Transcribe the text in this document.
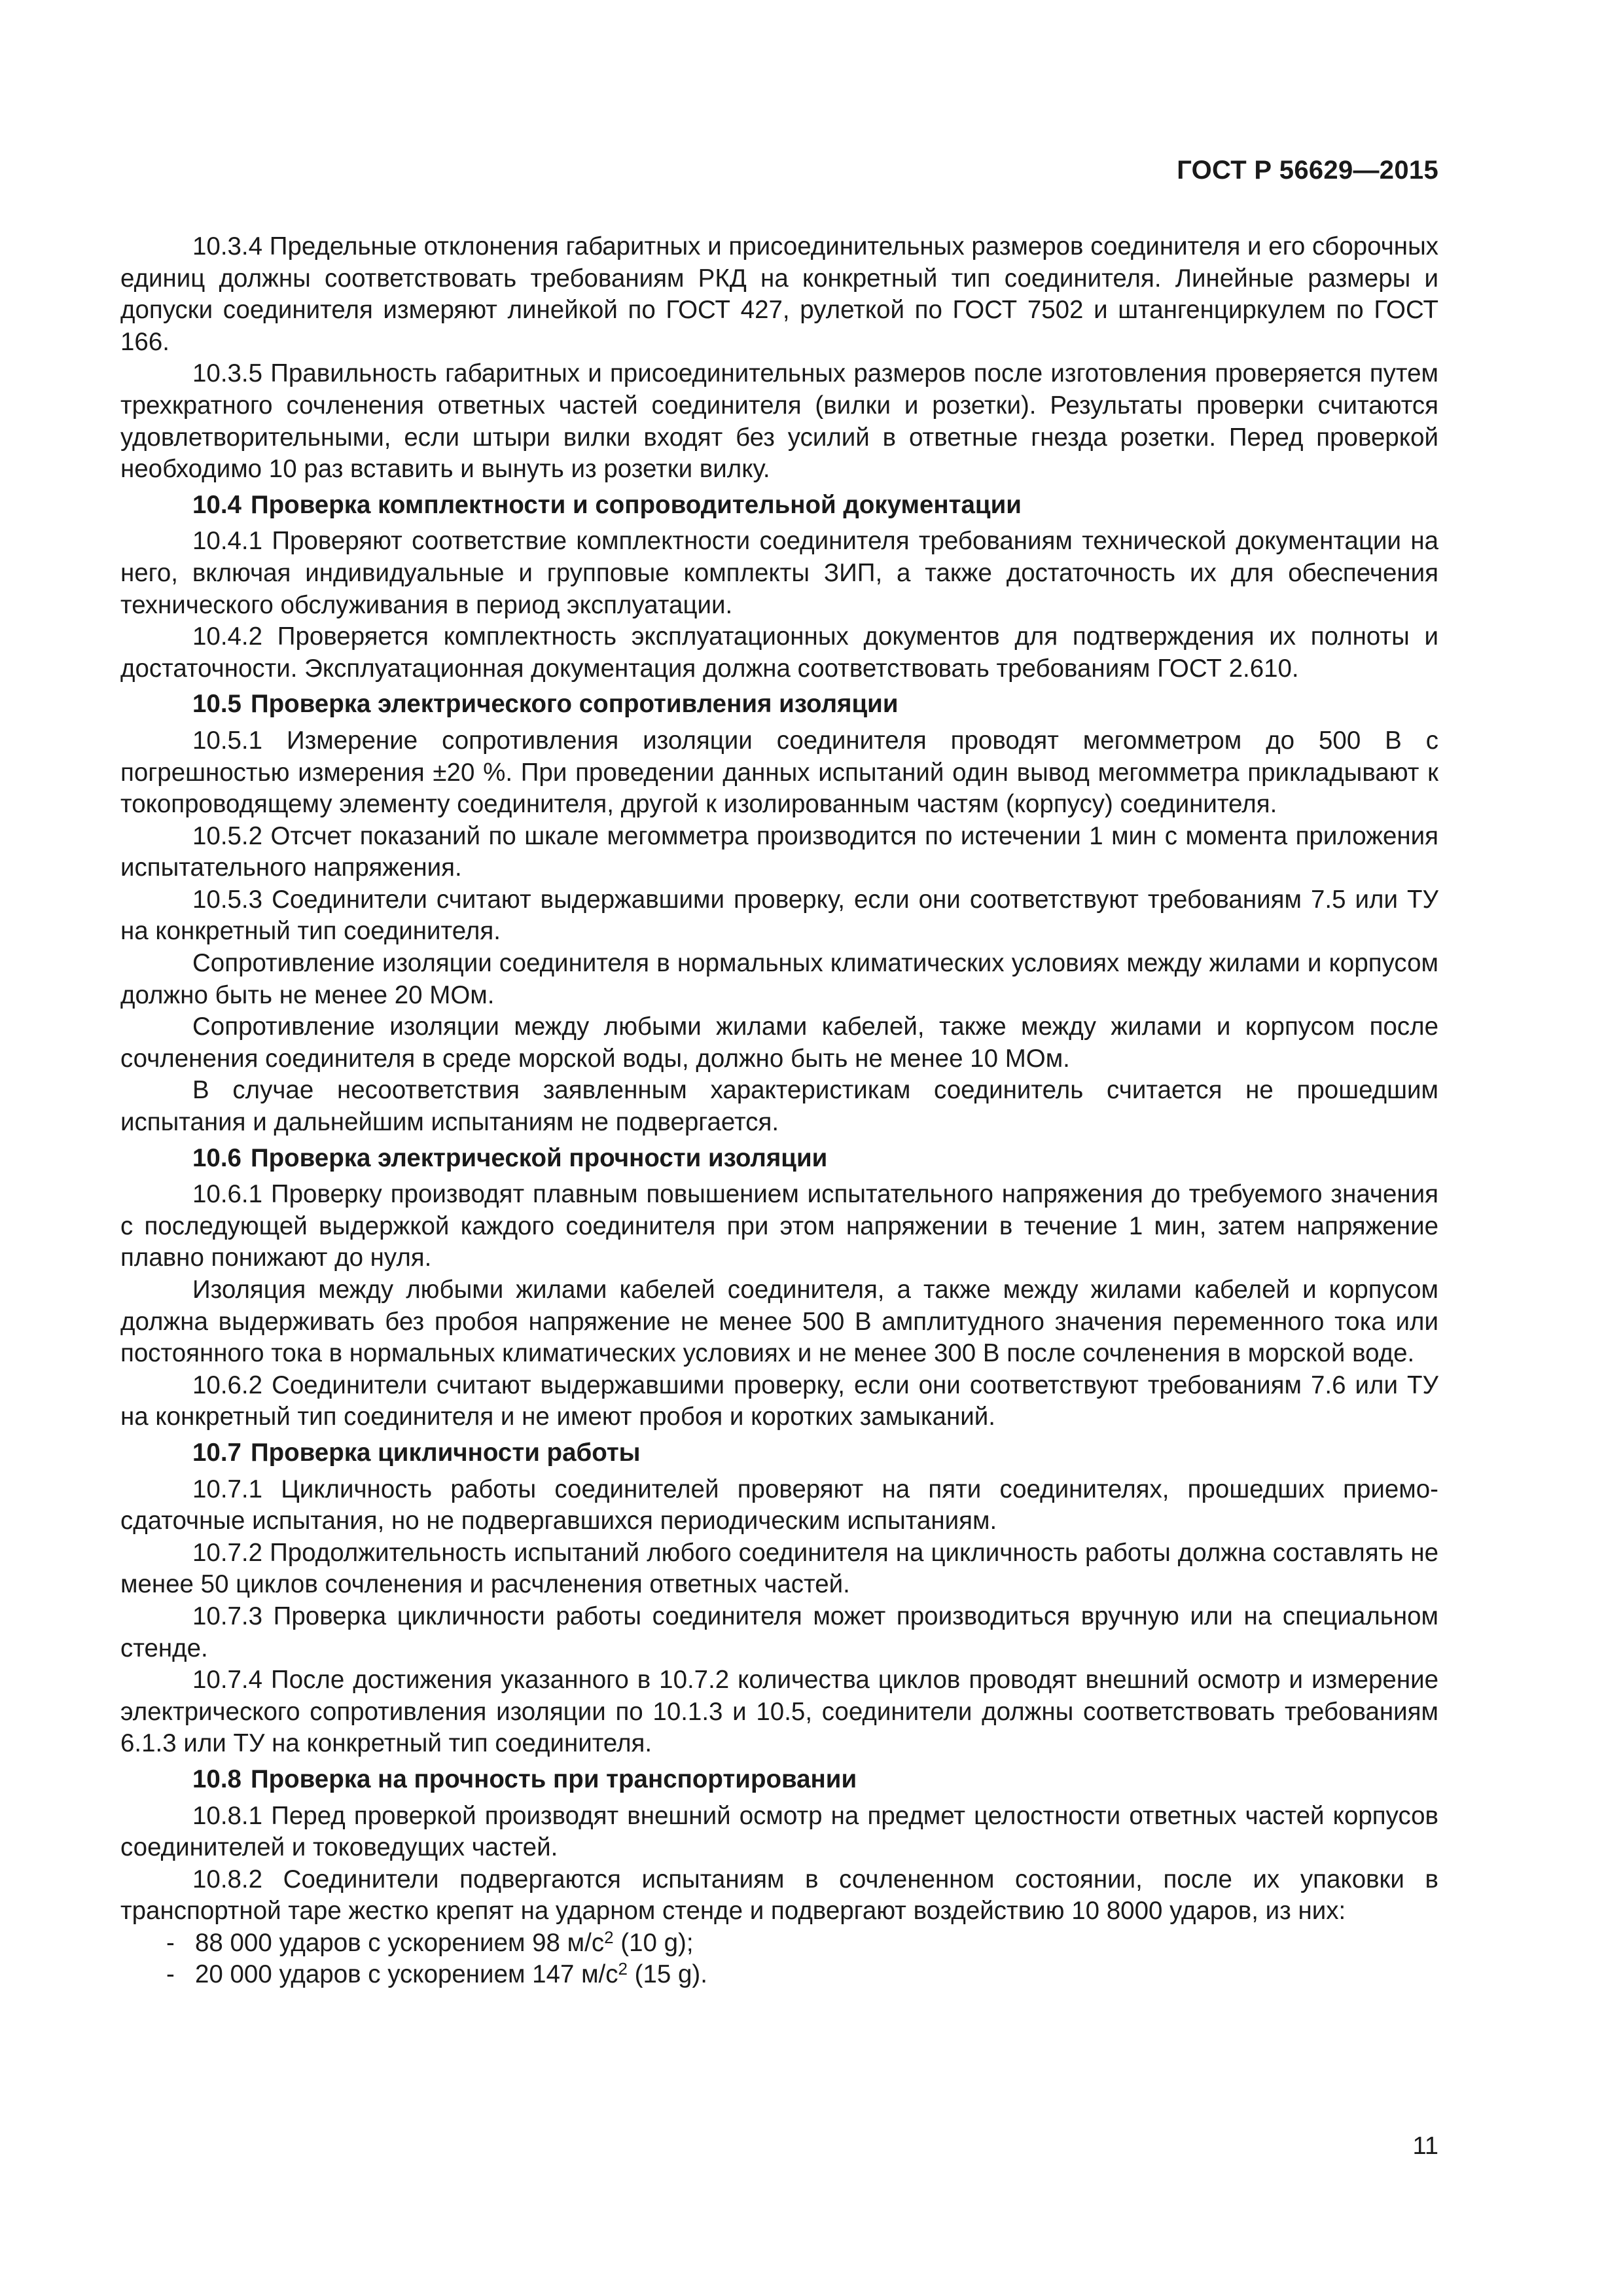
ГОСТ Р 56629—2015

10.3.4 Предельные отклонения габаритных и присоединительных размеров соединителя и его сборочных единиц должны соответствовать требованиям РКД на конкретный тип соединителя. Линейные размеры и допуски соединителя измеряют линейкой по ГОСТ 427, рулеткой по ГОСТ 7502 и штангенциркулем по ГОСТ 166.

10.3.5 Правильность габаритных и присоединительных размеров после изготовления проверяется путем трехкратного сочленения ответных частей соединителя (вилки и розетки). Результаты проверки считаются удовлетворительными, если штыри вилки входят без усилий в ответные гнезда розетки. Перед проверкой необходимо 10 раз вставить и вынуть из розетки вилку.

10.4 Проверка комплектности и сопроводительной документации

10.4.1 Проверяют соответствие комплектности соединителя требованиям технической документации на него, включая индивидуальные и групповые комплекты ЗИП, а также достаточность их для обеспечения технического обслуживания в период эксплуатации.

10.4.2 Проверяется комплектность эксплуатационных документов для подтверждения их полноты и достаточности. Эксплуатационная документация должна соответствовать требованиям ГОСТ 2.610.

10.5 Проверка электрического сопротивления изоляции

10.5.1 Измерение сопротивления изоляции соединителя проводят мегомметром до 500 В с погрешностью измерения ±20 %. При проведении данных испытаний один вывод мегомметра прикладывают к токопроводящему элементу соединителя, другой к изолированным частям (корпусу) соединителя.

10.5.2 Отсчет показаний по шкале мегомметра производится по истечении 1 мин с момента приложения испытательного напряжения.

10.5.3 Соединители считают выдержавшими проверку, если они соответствуют требованиям 7.5 или ТУ на конкретный тип соединителя.

Сопротивление изоляции соединителя в нормальных климатических условиях между жилами и корпусом должно быть не менее 20 МОм.

Сопротивление изоляции между любыми жилами кабелей, также между жилами и корпусом после сочленения соединителя в среде морской воды, должно быть не менее 10 МОм.

В случае несоответствия заявленным характеристикам соединитель считается не прошедшим испытания и дальнейшим испытаниям не подвергается.

10.6 Проверка электрической прочности изоляции

10.6.1 Проверку производят плавным повышением испытательного напряжения до требуемого значения с последующей выдержкой каждого соединителя при этом напряжении в течение 1 мин, затем напряжение плавно понижают до нуля.

Изоляция между любыми жилами кабелей соединителя, а также между жилами кабелей и корпусом должна выдерживать без пробоя напряжение не менее 500 В амплитудного значения переменного тока или постоянного тока в нормальных климатических условиях и не менее 300 В после сочленения в морской воде.

10.6.2 Соединители считают выдержавшими проверку, если они соответствуют требованиям 7.6 или ТУ на конкретный тип соединителя и не имеют пробоя и коротких замыканий.

10.7 Проверка цикличности работы

10.7.1 Цикличность работы соединителей проверяют на пяти соединителях, прошедших приемо-сдаточные испытания, но не подвергавшихся периодическим испытаниям.

10.7.2 Продолжительность испытаний любого соединителя на цикличность работы должна составлять не менее 50 циклов сочленения и расчленения ответных частей.

10.7.3 Проверка цикличности работы соединителя может производиться вручную или на специальном стенде.

10.7.4 После достижения указанного в 10.7.2 количества циклов проводят внешний осмотр и измерение электрического сопротивления изоляции по 10.1.3 и 10.5, соединители должны соответствовать требованиям 6.1.3 или ТУ на конкретный тип соединителя.

10.8 Проверка на прочность при транспортировании

10.8.1 Перед проверкой производят внешний осмотр на предмет целостности ответных частей корпусов соединителей и токоведущих частей.

10.8.2 Соединители подвергаются испытаниям в сочлененном состоянии, после их упаковки в транспортной таре жестко крепят на ударном стенде и подвергают воздействию 10 8000 ударов, из них:

- 88 000 ударов с ускорением 98 м/с2 (10 g);

- 20 000 ударов с ускорением 147 м/с2 (15 g).

11
